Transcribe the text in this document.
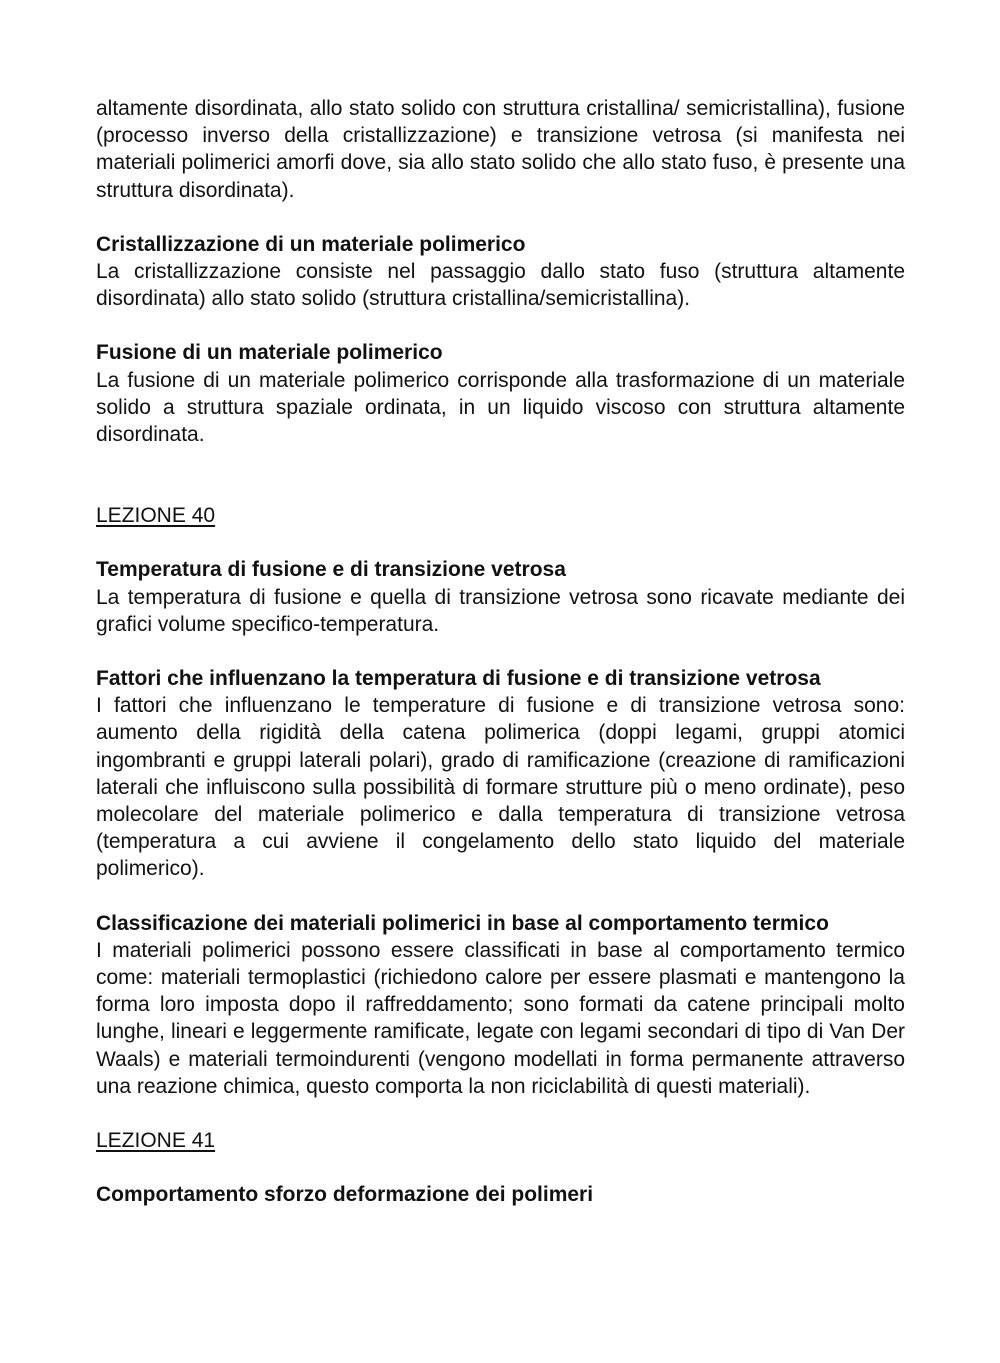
altamente disordinata, allo stato solido con struttura cristallina/ semicristallina), fusione (processo inverso della cristallizzazione) e transizione vetrosa (si manifesta nei materiali polimerici amorfi dove, sia allo stato solido che allo stato fuso, è presente una struttura disordinata).

Cristallizzazione di un materiale polimerico

La cristallizzazione consiste nel passaggio dallo stato fuso (struttura altamente disordinata) allo stato solido (struttura cristallina/semicristallina).

Fusione di un materiale polimerico

La fusione di un materiale polimerico corrisponde alla trasformazione di un materiale solido a struttura spaziale ordinata, in un liquido viscoso con struttura altamente disordinata.

LEZIONE 40

Temperatura di fusione e di transizione vetrosa

La temperatura di fusione e quella di transizione vetrosa sono ricavate mediante dei grafici volume specifico-temperatura.

Fattori che influenzano la temperatura di fusione e di transizione vetrosa

I fattori che influenzano le temperature di fusione e di transizione vetrosa sono: aumento della rigidità della catena polimerica (doppi legami, gruppi atomici ingombranti e gruppi laterali polari), grado di ramificazione (creazione di ramificazioni laterali che influiscono sulla possibilità di formare strutture più o meno ordinate), peso molecolare del materiale polimerico e dalla temperatura di transizione vetrosa (temperatura a cui avviene il congelamento dello stato liquido del materiale polimerico).

Classificazione dei materiali polimerici in base al comportamento termico

I materiali polimerici possono essere classificati in base al comportamento termico come: materiali termoplastici (richiedono calore per essere plasmati e mantengono la forma loro imposta dopo il raffreddamento; sono formati da catene principali molto lunghe, lineari e leggermente ramificate, legate con legami secondari di tipo di Van Der Waals) e materiali termoindurenti (vengono modellati in forma permanente attraverso una reazione chimica, questo comporta la non riciclabilità di questi materiali).

LEZIONE 41

Comportamento sforzo deformazione dei polimeri
